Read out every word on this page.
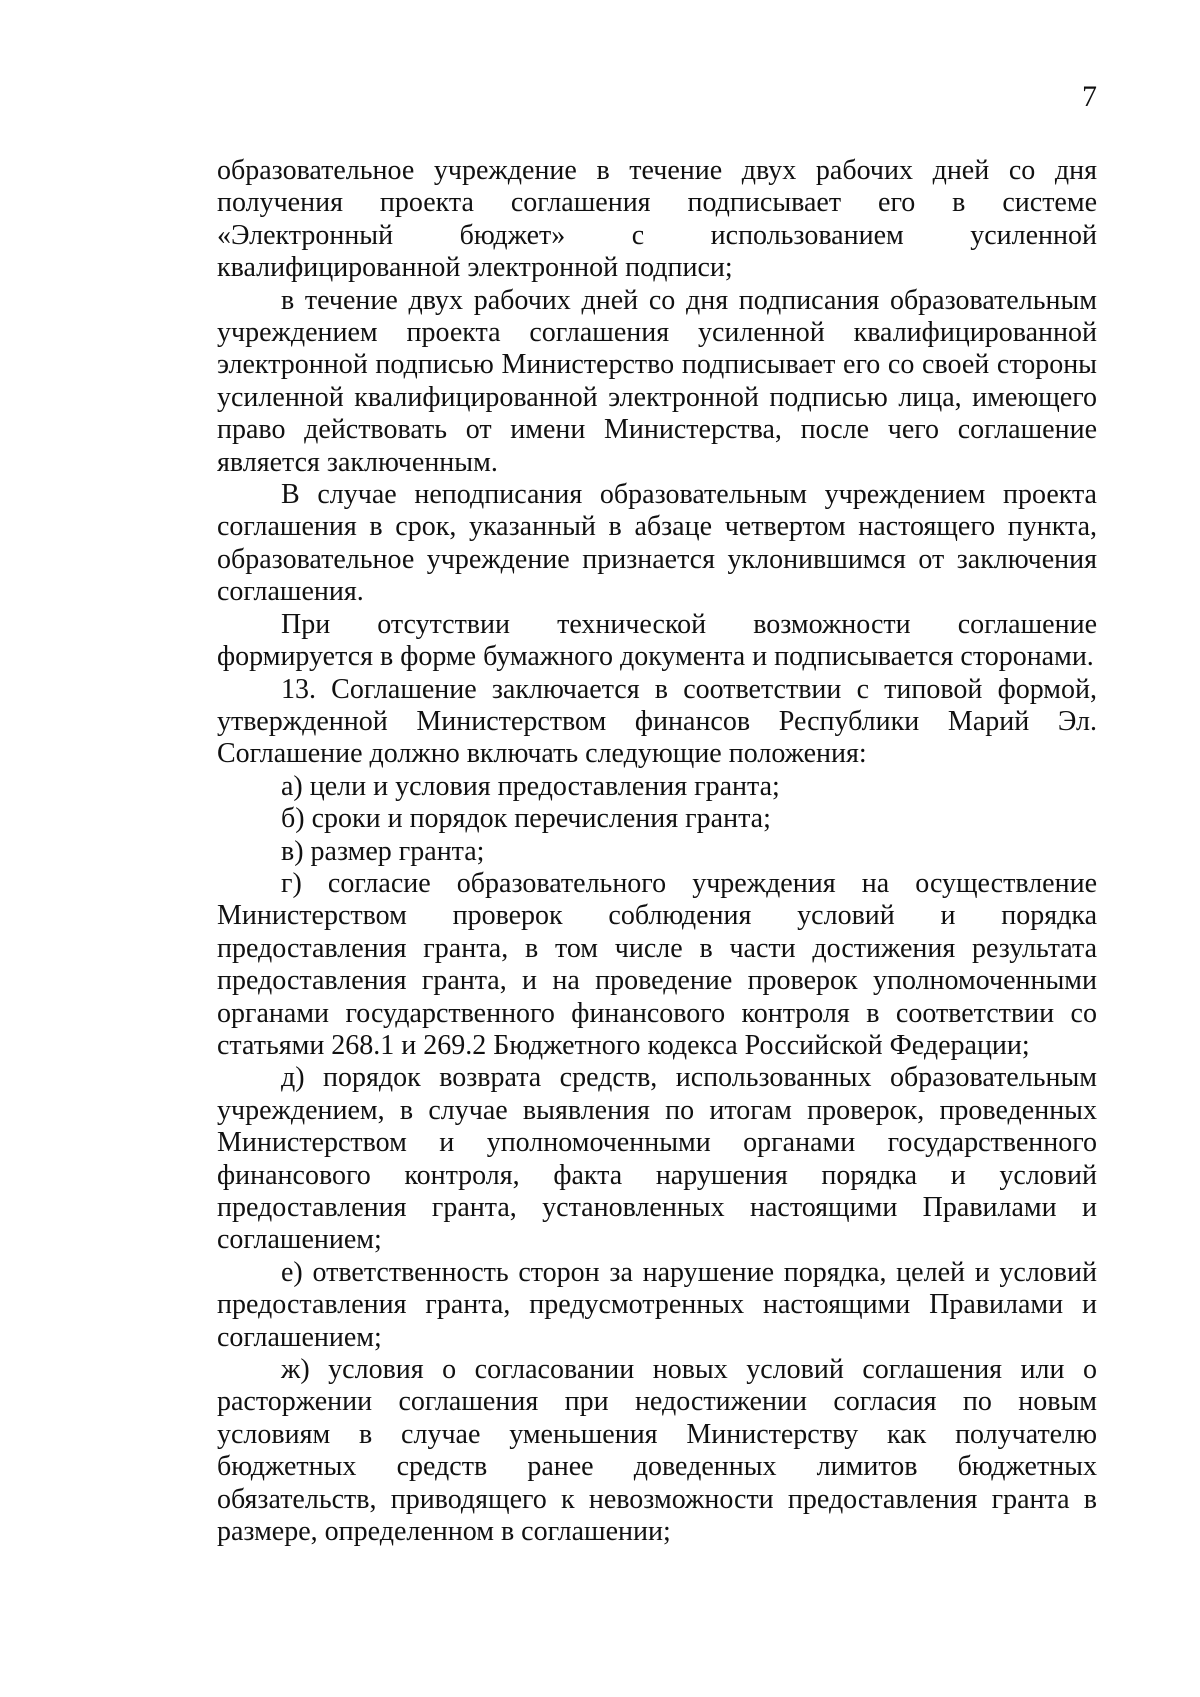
7

образовательное учреждение в течение двух рабочих дней со дня получения проекта соглашения подписывает его в системе «Электронный бюджет» с использованием усиленной квалифицированной электронной подписи;

в течение двух рабочих дней со дня подписания образовательным учреждением проекта соглашения усиленной квалифицированной электронной подписью Министерство подписывает его со своей стороны усиленной квалифицированной электронной подписью лица, имеющего право действовать от имени Министерства, после чего соглашение является заключенным.

В случае неподписания образовательным учреждением проекта соглашения в срок, указанный в абзаце четвертом настоящего пункта, образовательное учреждение признается уклонившимся от заключения соглашения.

При отсутствии технической возможности соглашение формируется в форме бумажного документа и подписывается сторонами.

13. Соглашение заключается в соответствии с типовой формой, утвержденной Министерством финансов Республики Марий Эл. Соглашение должно включать следующие положения:

а) цели и условия предоставления гранта;

б) сроки и порядок перечисления гранта;

в) размер гранта;

г) согласие образовательного учреждения на осуществление Министерством проверок соблюдения условий и порядка предоставления гранта, в том числе в части достижения результата предоставления гранта, и на проведение проверок уполномоченными органами государственного финансового контроля в соответствии со статьями 268.1 и 269.2 Бюджетного кодекса Российской Федерации;

д) порядок возврата средств, использованных образовательным учреждением, в случае выявления по итогам проверок, проведенных Министерством и уполномоченными органами государственного финансового контроля, факта нарушения порядка и условий предоставления гранта, установленных настоящими Правилами и соглашением;

е) ответственность сторон за нарушение порядка, целей и условий предоставления гранта, предусмотренных настоящими Правилами и соглашением;

ж) условия о согласовании новых условий соглашения или о расторжении соглашения при недостижении согласия по новым условиям в случае уменьшения Министерству как получателю бюджетных средств ранее доведенных лимитов бюджетных обязательств, приводящего к невозможности предоставления гранта в размере, определенном в соглашении;
